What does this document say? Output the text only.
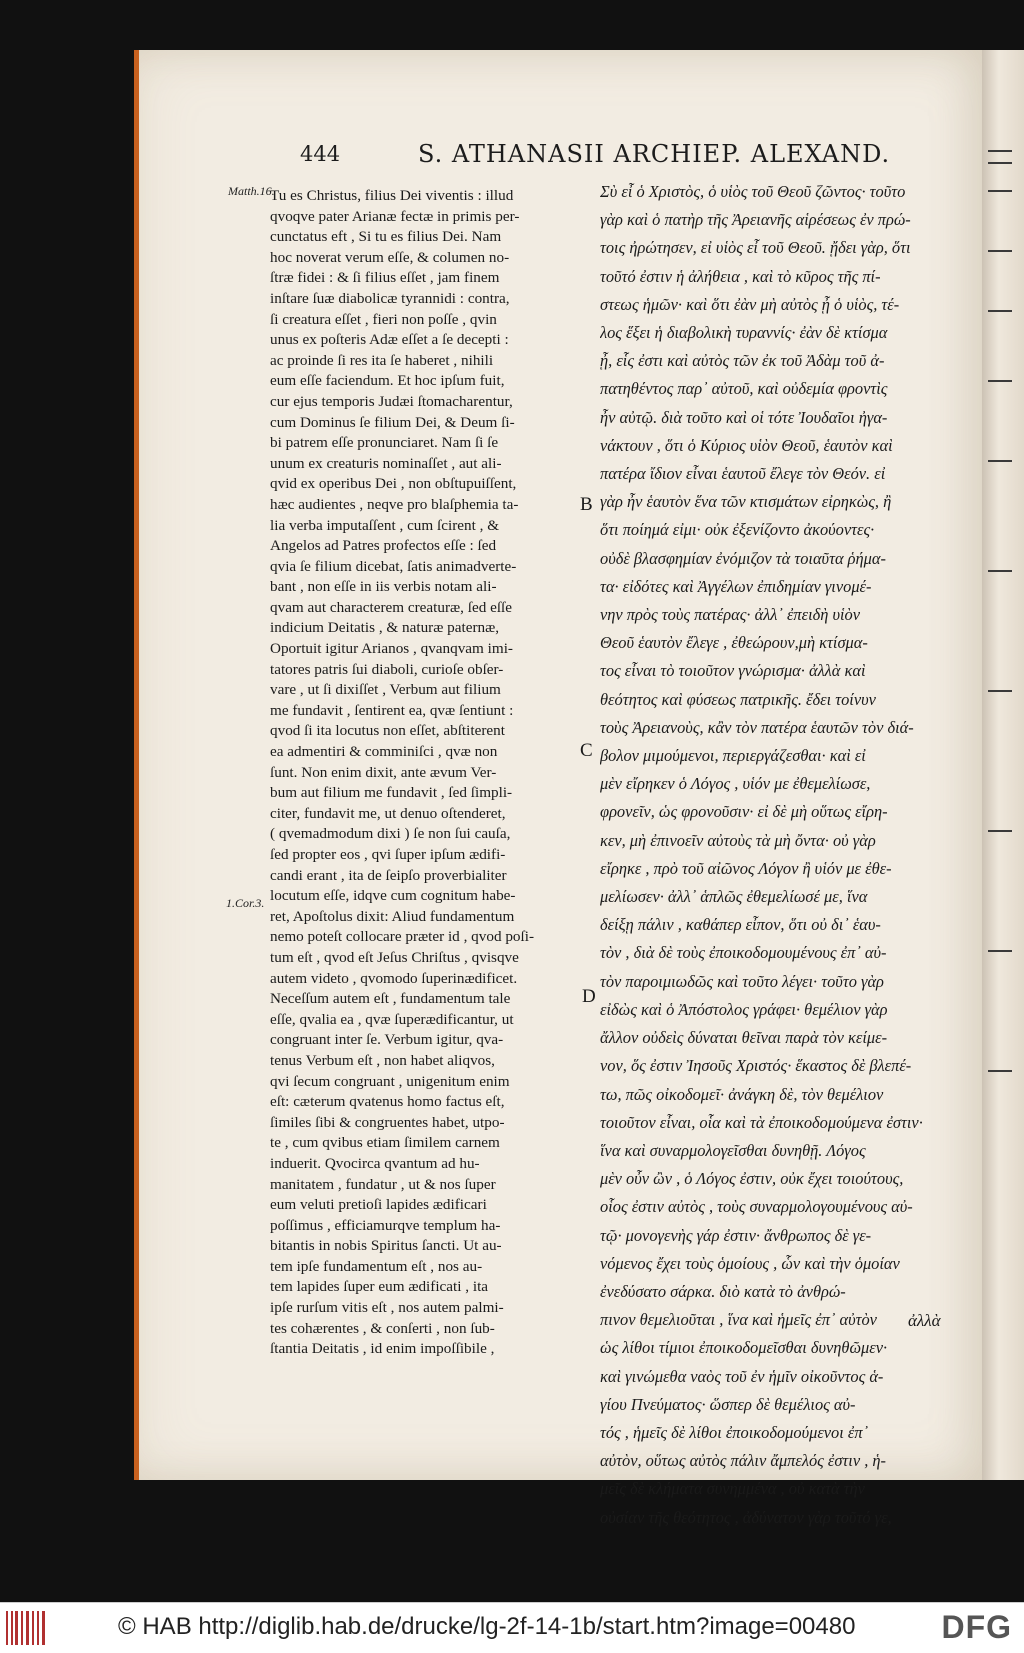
444	S. ATHANASII ARCHIEP. ALEXAND.
Matth.16.
1.Cor.3.
B
C
D
Tu es Christus, filius Dei viventis : illud
qvoqve pater Arianæ fectæ in primis per-
cunctatus eft , Si tu es filius Dei. Nam
hoc noverat verum eſſe, & columen no-
ſtræ fidei : & ſi filius eſſet , jam finem
inſtare ſuæ diabolicæ tyrannidi : contra,
ſi creatura eſſet , fieri non poſſe , qvin
unus ex poſteris Adæ eſſet a ſe decepti :
ac proinde ſi res ita ſe haberet , nihili
eum eſſe faciendum. Et hoc ipſum fuit,
cur ejus temporis Judæi ſtomacharentur,
cum Dominus ſe filium Dei, & Deum ſi-
bi patrem eſſe pronunciaret. Nam ſi ſe
unum ex creaturis nominaſſet , aut ali-
qvid ex operibus Dei , non obſtupuiſſent,
hæc audientes , neqve pro blaſphemia ta-
lia verba imputaſſent , cum ſcirent , &
Angelos ad Patres profectos eſſe : ſed
qvia ſe filium dicebat, ſatis animadverte-
bant , non eſſe in iis verbis notam ali-
qvam aut characterem creaturæ, ſed eſſe
indicium Deitatis , & naturæ paternæ,
Oportuit igitur Arianos , qvanqvam imi-
tatores patris ſui diaboli, curioſe obſer-
vare , ut ſi dixiſſet , Verbum aut filium
me fundavit , ſentirent ea, qvæ ſentiunt :
qvod ſi ita locutus non eſſet, abſtiterent
ea admentiri & comminiſci , qvæ non
ſunt. Non enim dixit, ante ævum Ver-
bum aut filium me fundavit , ſed ſimpli-
citer, fundavit me, ut denuo oſtenderet,
( qvemadmodum dixi ) ſe non ſui cauſa,
ſed propter eos , qvi ſuper ipſum ædifi-
candi erant , ita de ſeipſo proverbialiter
locutum eſſe, idqve cum cognitum habe-
ret, Apoſtolus dixit: Aliud fundamentum
nemo poteſt collocare præter id , qvod poſi-
tum eſt , qvod eſt Jeſus Chriſtus , qvisqve
autem videto , qvomodo ſuperinædificet.
Neceſſum autem eſt , fundamentum tale
eſſe, qvalia ea , qvæ ſuperædificantur, ut
congruant inter ſe. Verbum igitur, qva-
tenus Verbum eſt , non habet aliqvos,
qvi ſecum congruant , unigenitum enim
eſt: cæterum qvatenus homo factus eſt,
ſimiles ſibi & congruentes habet, utpo-
te , cum qvibus etiam ſimilem carnem
induerit. Qvocirca qvantum ad hu-
manitatem , fundatur , ut & nos ſuper
eum veluti pretioſi lapides ædificari
poſſimus , efficiamurqve templum ha-
bitantis in nobis Spiritus ſancti. Ut au-
tem ipſe fundamentum eſt , nos au-
tem lapides ſuper eum ædificati , ita
ipſe rurſum vitis eſt , nos autem palmi-
tes cohærentes , & conſerti , non ſub-
ſtantia Deitatis , id enim impoſſibile ,
Σὺ εἶ ὁ Χριστὸς, ὁ υἱὸς τοῦ Θεοῦ ζῶντος· τοῦτο
γὰρ καὶ ὁ πατὴρ τῆς Ἀρειανῆς αἱρέσεως ἐν πρώ-
τοις ἠρώτησεν, εἰ υἱὸς εἶ τοῦ Θεοῦ. ᾔδει γὰρ, ὅτι
τοῦτό ἐστιν ἡ ἀλήθεια , καὶ τὸ κῦρος τῆς πί-
στεως ἡμῶν· καὶ ὅτι ἐὰν μὴ αὐτὸς ᾖ ὁ υἱὸς, τέ-
λος ἕξει ἡ διαβολικὴ τυραννίς· ἐὰν δὲ κτίσμα
ᾖ, εἷς ἐστι καὶ αὐτὸς τῶν ἐκ τοῦ Ἀδὰμ τοῦ ἀ-
πατηθέντος παρ᾽ αὐτοῦ, καὶ οὐδεμία φροντὶς
ἦν αὐτῷ. διὰ τοῦτο καὶ οἱ τότε Ἰουδαῖοι ἠγα-
νάκτουν , ὅτι ὁ Κύριος υἱὸν Θεοῦ, ἑαυτὸν καὶ
πατέρα ἴδιον εἶναι ἑαυτοῦ ἔλεγε τὸν Θεόν. εἰ
γὰρ ἦν ἑαυτὸν ἕνα τῶν κτισμάτων εἰρηκὼς, ἢ
ὅτι ποίημά εἰμι· οὐκ ἐξενίζοντο ἀκούοντες·
οὐδὲ βλασφημίαν ἐνόμιζον τὰ τοιαῦτα ῥήμα-
τα· εἰδότες καὶ Ἀγγέλων ἐπιδημίαν γινομέ-
νην πρὸς τοὺς πατέρας· ἀλλ᾽ ἐπειδὴ υἱὸν
Θεοῦ ἑαυτὸν ἔλεγε , ἐθεώρουν,μὴ κτίσμα-
τος εἶναι τὸ τοιοῦτον γνώρισμα· ἀλλὰ καὶ
θεότητος καὶ φύσεως πατρικῆς. ἔδει τοίνυν
τοὺς Ἀρειανοὺς, κἂν τὸν πατέρα ἑαυτῶν τὸν διά-
βολον μιμούμενοι, περιεργάζεσθαι· καὶ εἰ
μὲν εἴρηκεν ὁ Λόγος , υἱόν με ἐθεμελίωσε,
φρονεῖν, ὡς φρονοῦσιν· εἰ δὲ μὴ οὕτως εἴρη-
κεν, μὴ ἐπινοεῖν αὐτοὺς τὰ μὴ ὄντα· οὐ γὰρ
εἴρηκε , πρὸ τοῦ αἰῶνος Λόγον ἢ υἱόν με ἐθε-
μελίωσεν· ἀλλ᾽ ἁπλῶς ἐθεμελίωσέ με, ἵνα
δείξῃ πάλιν , καθάπερ εἶπον, ὅτι οὐ δι᾽ ἑαυ-
τὸν , διὰ δὲ τοὺς ἐποικοδομουμένους ἐπ᾽ αὐ-
τὸν παροιμιωδῶς καὶ τοῦτο λέγει· τοῦτο γὰρ
εἰδὼς καὶ ὁ Ἀπόστολος γράφει· θεμέλιον γὰρ
ἄλλον οὐδεὶς δύναται θεῖναι παρὰ τὸν κείμε-
νον, ὅς ἐστιν Ἰησοῦς Χριστός· ἕκαστος δὲ βλεπέ-
τω, πῶς οἰκοδομεῖ· ἀνάγκη δὲ, τὸν θεμέλιον
τοιοῦτον εἶναι, οἷα καὶ τὰ ἐποικοδομούμενα ἐστιν·
ἵνα καὶ συναρμολογεῖσθαι δυνηθῇ. Λόγος
μὲν οὖν ὢν , ὁ Λόγος ἐστιν, οὐκ ἔχει τοιούτους,
οἷος ἐστιν αὐτὸς , τοὺς συναρμολογουμένους αὐ-
τῷ· μονογενὴς γάρ ἐστιν· ἄνθρωπος δὲ γε-
νόμενος ἔχει τοὺς ὁμοίους , ὧν καὶ τὴν ὁμοίαν
ἐνεδύσατο σάρκα. διὸ κατὰ τὸ ἀνθρώ-
πινον θεμελιοῦται , ἵνα καὶ ἡμεῖς ἐπ᾽ αὐτὸν
ὡς λίθοι τίμιοι ἐποικοδομεῖσθαι δυνηθῶμεν·
καὶ γινώμεθα ναὸς τοῦ ἐν ἡμῖν οἰκοῦντος ἁ-
γίου Πνεύματος· ὥσπερ δὲ θεμέλιος αὐ-
τός , ἡμεῖς δὲ λίθοι ἐποικοδομούμενοι ἐπ᾽
αὐτὸν, οὕτως αὐτὸς πάλιν ἄμπελός ἐστιν , ἡ-
μεῖς δὲ κλήματα συνημμένα , οὐ κατὰ τὴν
οὐσίαν τῆς θεότητος , ἀδύνατον γὰρ τοῦτό γε,
ἀλλὰ
© HAB http://diglib.hab.de/drucke/lg-2f-14-1b/start.htm?image=00480	DFG
